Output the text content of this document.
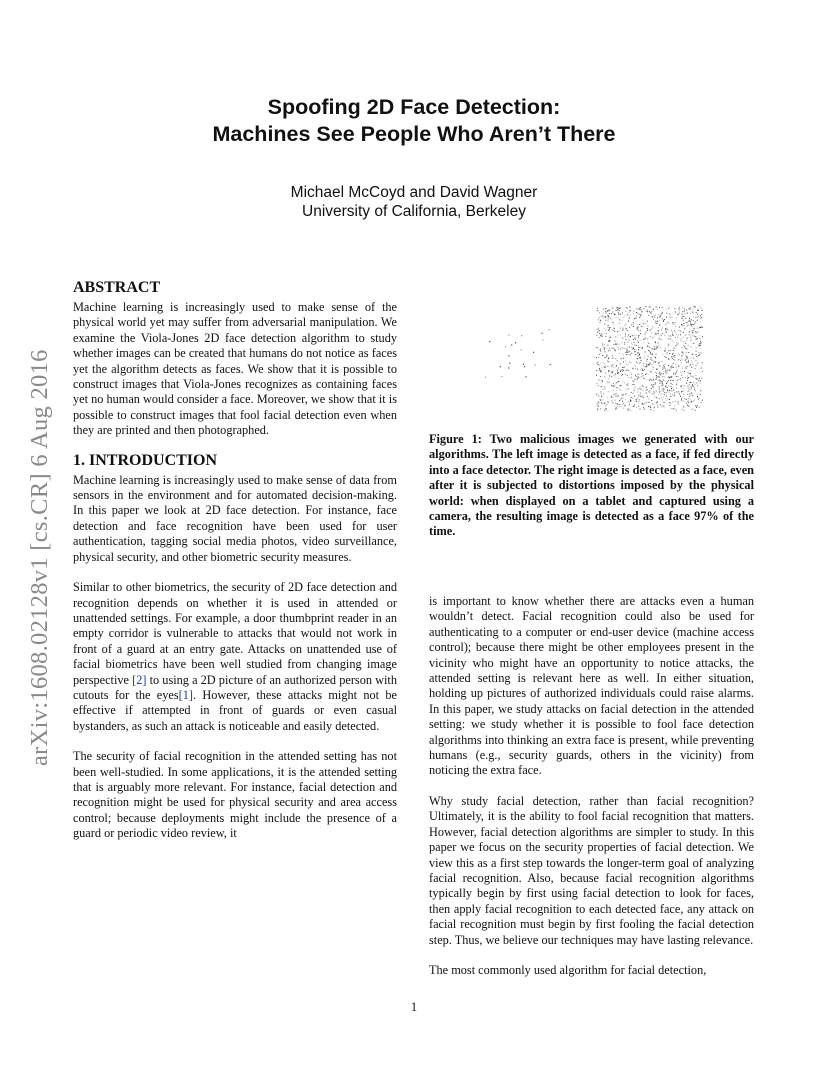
arXiv:1608.02128v1 [cs.CR] 6 Aug 2016
Spoofing 2D Face Detection:
Machines See People Who Aren’t There
Michael McCoyd and David Wagner
University of California, Berkeley
ABSTRACT

Machine learning is increasingly used to make sense of the physical world yet may suffer from adversarial manipulation. We examine the Viola-Jones 2D face detection algorithm to study whether images can be created that humans do not notice as faces yet the algorithm detects as faces. We show that it is possible to construct images that Viola-Jones recognizes as containing faces yet no human would consider a face. Moreover, we show that it is possible to construct images that fool facial detection even when they are printed and then photographed.

1. INTRODUCTION

Machine learning is increasingly used to make sense of data from sensors in the environment and for automated decision-making. In this paper we look at 2D face detection. For instance, face detection and face recognition have been used for user authentication, tagging social media photos, video surveillance, physical security, and other biometric security measures.

Similar to other biometrics, the security of 2D face detection and recognition depends on whether it is used in attended or unattended settings. For example, a door thumbprint reader in an empty corridor is vulnerable to attacks that would not work in front of a guard at an entry gate. Attacks on unattended use of facial biometrics have been well studied from changing image perspective [2] to using a 2D picture of an authorized person with cutouts for the eyes[1]. However, these attacks might not be effective if attempted in front of guards or even casual bystanders, as such an attack is noticeable and easily detected.

The security of facial recognition in the attended setting has not been well-studied. In some applications, it is the attended setting that is arguably more relevant. For instance, facial detection and recognition might be used for physical security and area access control; because deployments might include the presence of a guard or periodic video review, it

Figure 1: Two malicious images we generated with our algorithms. The left image is detected as a face, if fed directly into a face detector. The right image is detected as a face, even after it is subjected to distortions imposed by the physical world: when displayed on a tablet and captured using a camera, the resulting image is detected as a face 97% of the time.

is important to know whether there are attacks even a human wouldn’t detect. Facial recognition could also be used for authenticating to a computer or end-user device (machine access control); because there might be other employees present in the vicinity who might have an opportunity to notice attacks, the attended setting is relevant here as well. In either situation, holding up pictures of authorized individuals could raise alarms. In this paper, we study attacks on facial detection in the attended setting: we study whether it is possible to fool face detection algorithms into thinking an extra face is present, while preventing humans (e.g., security guards, others in the vicinity) from noticing the extra face.

Why study facial detection, rather than facial recognition? Ultimately, it is the ability to fool facial recognition that matters. However, facial detection algorithms are simpler to study. In this paper we focus on the security properties of facial detection. We view this as a first step towards the longer-term goal of analyzing facial recognition. Also, because facial recognition algorithms typically begin by first using facial detection to look for faces, then apply facial recognition to each detected face, any attack on facial recognition must begin by first fooling the facial detection step. Thus, we believe our techniques may have lasting relevance.

The most commonly used algorithm for facial detection,

1
